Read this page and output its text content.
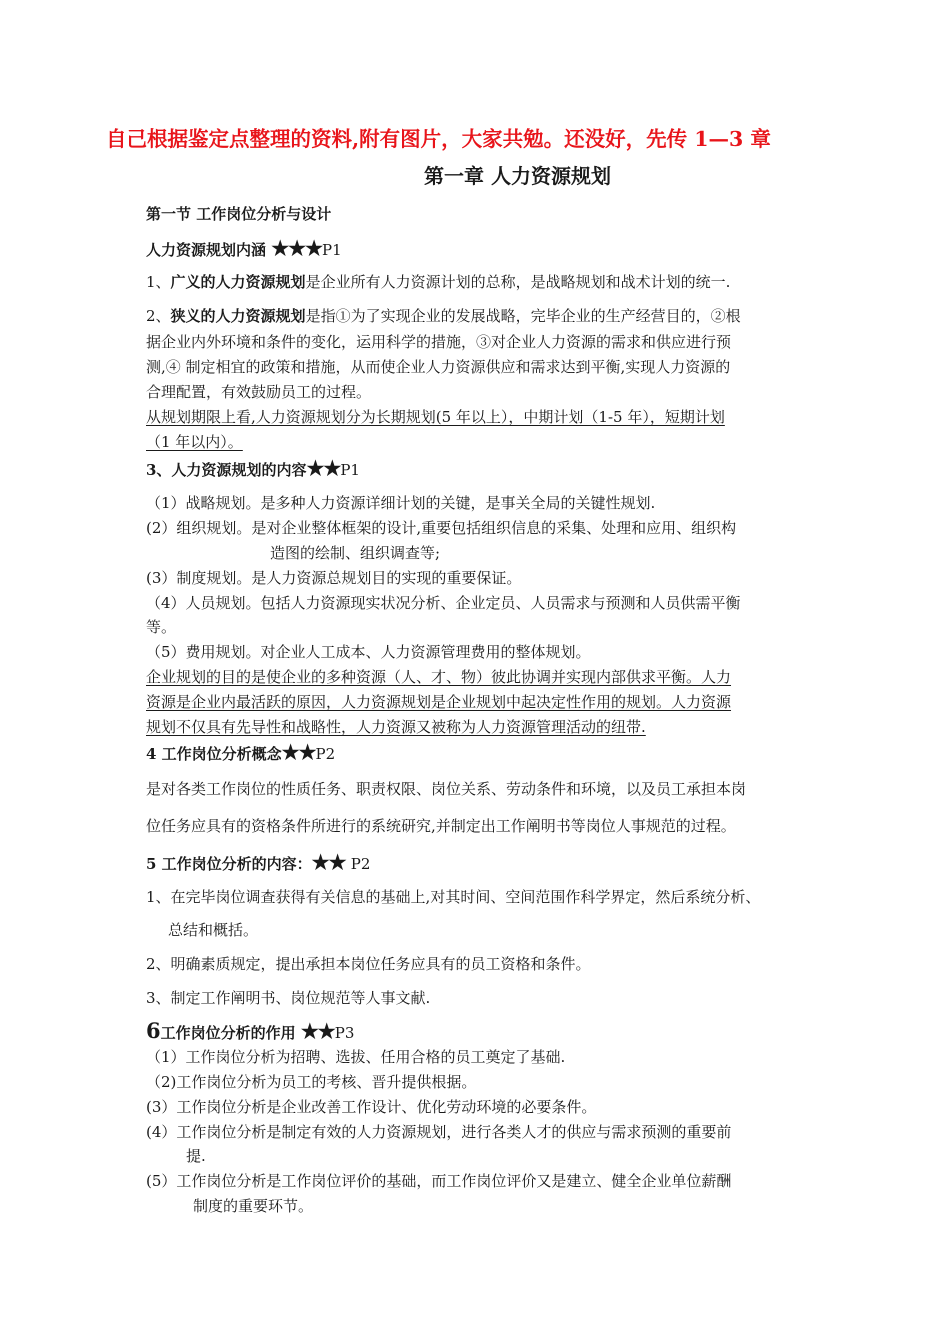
自己根据鉴定点整理的资料,附有图片，大家共勉。还没好，先传 1—3 章
第一章 人力资源规划
第一节 工作岗位分析与设计
人力资源规划内涵 ★★★P1
1、广义的人力资源规划是企业所有人力资源计划的总称，是战略规划和战术计划的统一.
2、狭义的人力资源规划是指①为了实现企业的发展战略，完毕企业的生产经营目的，②根
据企业内外环境和条件的变化，运用科学的措施，③对企业人力资源的需求和供应进行预
测,④ 制定相宜的政策和措施，从而使企业人力资源供应和需求达到平衡,实现人力资源的
合理配置，有效鼓励员工的过程。
从规划期限上看,人力资源规划分为长期规划(5 年以上），中期计划（1-5 年），短期计划
（1 年以内）。
3、人力资源规划的内容★★P1
（1）战略规划。是多种人力资源详细计划的关键，是事关全局的关键性规划.
(2）组织规划。是对企业整体框架的设计,重要包括组织信息的采集、处理和应用、组织构
造图的绘制、组织调查等;
(3）制度规划。是人力资源总规划目的实现的重要保证。
（4）人员规划。包括人力资源现实状况分析、企业定员、人员需求与预测和人员供需平衡
等。
（5）费用规划。对企业人工成本、人力资源管理费用的整体规划。
企业规划的目的是使企业的多种资源（人、才、物）彼此协调并实现内部供求平衡。人力
资源是企业内最活跃的原因，人力资源规划是企业规划中起决定性作用的规划。人力资源
规划不仅具有先导性和战略性，人力资源又被称为人力资源管理活动的纽带.
4 工作岗位分析概念★★P2
是对各类工作岗位的性质任务、职责权限、岗位关系、劳动条件和环境，以及员工承担本岗
位任务应具有的资格条件所进行的系统研究,并制定出工作阐明书等岗位人事规范的过程。
5 工作岗位分析的内容：★★ P2
1、在完毕岗位调查获得有关信息的基础上,对其时间、空间范围作科学界定，然后系统分析、
总结和概括。
2、明确素质规定，提出承担本岗位任务应具有的员工资格和条件。
3、制定工作阐明书、岗位规范等人事文献.
6工作岗位分析的作用 ★★P3
（1）工作岗位分析为招聘、选拔、任用合格的员工奠定了基础.
（2)工作岗位分析为员工的考核、晋升提供根据。
(3）工作岗位分析是企业改善工作设计、优化劳动环境的必要条件。
(4）工作岗位分析是制定有效的人力资源规划，进行各类人才的供应与需求预测的重要前
提.
(5）工作岗位分析是工作岗位评价的基础，而工作岗位评价又是建立、健全企业单位薪酬
制度的重要环节。
